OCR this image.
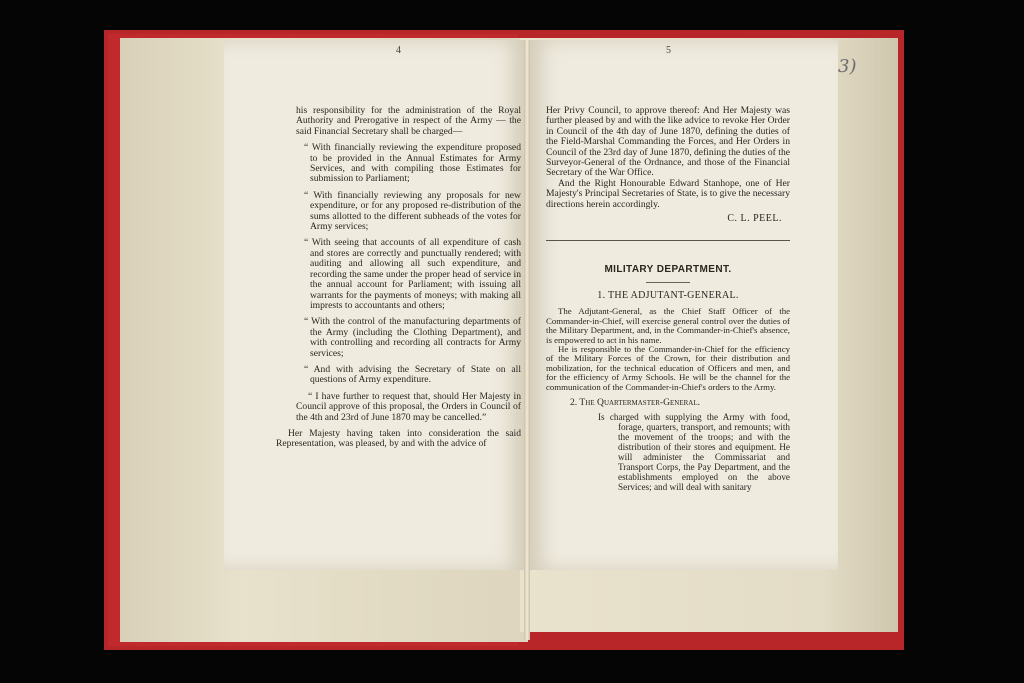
3)
4	5

his responsibility for the administration of the Royal Authority and Prerogative in respect of the Army — the said Financial Secretary shall be charged—

“ With financially reviewing the expenditure proposed to be provided in the Annual Estimates for Army Services, and with compiling those Estimates for submission to Parliament;

“ With financially reviewing any proposals for new expenditure, or for any proposed re-distribution of the sums allotted to the different subheads of the votes for Army services;

“ With seeing that accounts of all expenditure of cash and stores are correctly and punctually rendered; with auditing and allowing all such expenditure, and recording the same under the proper head of service in the annual account for Parliament; with issuing all warrants for the payments of moneys; with making all imprests to accountants and others;

“ With the control of the manufacturing departments of the Army (including the Clothing Department), and with controlling and recording all contracts for Army services;

“ And with advising the Secretary of State on all questions of Army expenditure.

“ I have further to request that, should Her Majesty in Council approve of this proposal, the Orders in Council of the 4th and 23rd of June 1870 may be cancelled.”

Her Majesty having taken into consideration the said Representation, was pleased, by and with the advice of

Her Privy Council, to approve thereof: And Her Majesty was further pleased by and with the like advice to revoke Her Order in Council of the 4th day of June 1870, defining the duties of the Field-Marshal Commanding the Forces, and Her Orders in Council of the 23rd day of June 1870, defining the duties of the Surveyor-General of the Ordnance, and those of the Financial Secretary of the War Office.

And the Right Honourable Edward Stanhope, one of Her Majesty's Principal Secretaries of State, is to give the necessary directions herein accordingly.

C. L. PEEL.
MILITARY DEPARTMENT.
1. THE ADJUTANT-GENERAL.

The Adjutant-General, as the Chief Staff Officer of the Commander-in-Chief, will exercise general control over the duties of the Military Department, and, in the Commander-in-Chief's absence, is empowered to act in his name.

He is responsible to the Commander-in-Chief for the efficiency of the Military Forces of the Crown, for their distribution and mobilization, for the technical education of Officers and men, and for the efficiency of Army Schools. He will be the channel for the communication of the Commander-in-Chief's orders to the Army.

2. The Quartermaster-General.

Is charged with supplying the Army with food, forage, quarters, transport, and remounts; with the movement of the troops; and with the distribution of their stores and equipment. He will administer the Commissariat and Transport Corps, the Pay Department, and the establishments employed on the above Services; and will deal with sanitary
